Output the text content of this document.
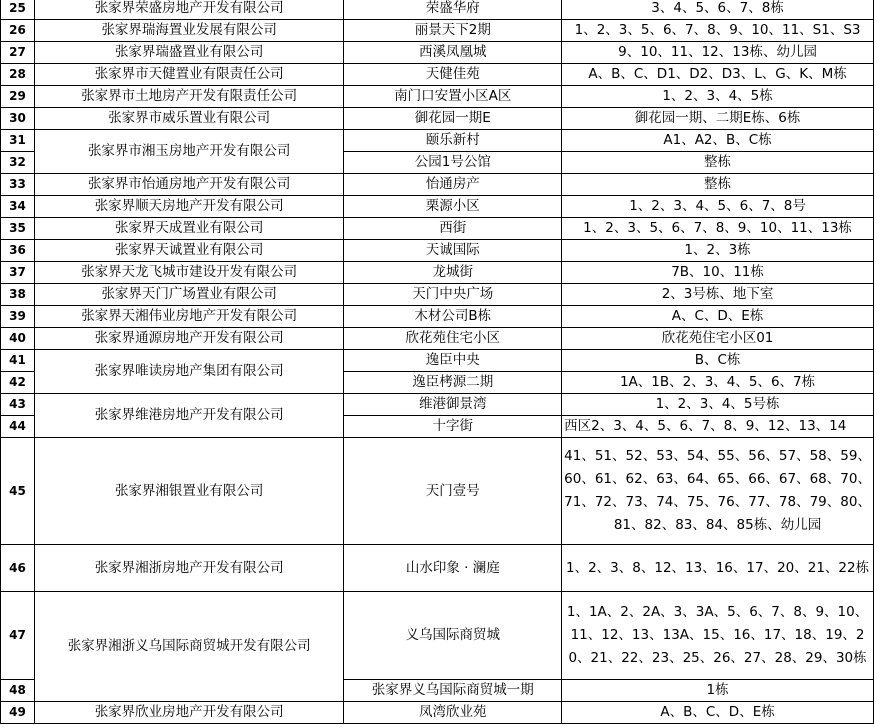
25	张家界荣盛房地产开发有限公司	荣盛华府	3、4、5、6、7、8栋
26	张家界瑞海置业发展有限公司	丽景天下2期	1、2、3、5、6、7、8、9、10、11、S1、S3
27	张家界瑞盛置业有限公司	西溪凤凰城	9、10、11、12、13栋、幼儿园
28	张家界市天健置业有限责任公司	天健佳苑	A、B、C、D1、D2、D3、L、G、K、M栋
29	张家界市土地房产开发有限责任公司	南门口安置小区A区	1、2、3、4、5栋
30	张家界市威乐置业有限公司	御花园一期E	御花园一期、二期E栋、6栋
31	张家界市湘玉房地产开发有限公司	颐乐新村	A1、A2、B、C栋
32		公园1号公馆	整栋
33	张家界市怡通房地产开发有限公司	怡通房产	整栋
34	张家界顺天房地产开发有限公司	栗源小区	1、2、3、4、5、6、7、8号
35	张家界天成置业有限公司	西街	1、2、3、5、6、7、8、9、10、11、13栋
36	张家界天诚置业有限公司	天诚国际	1、2、3栋
37	张家界天龙飞城市建设开发有限公司	龙城街	7B、10、11栋
38	张家界天门广场置业有限公司	天门中央广场	2、3号栋、地下室
39	张家界天湘伟业房地产开发有限公司	木材公司B栋	A、C、D、E栋
40	张家界通源房地产开发有限公司	欣花苑住宅小区	欣花苑住宅小区01
41	张家界唯读房地产集团有限公司	逸臣中央	B、C栋
42		逸臣栲源二期	1A、1B、2、3、4、5、6、7栋
43	张家界维港房地产开发有限公司	维港御景湾	1、2、3、4、5号栋
44		十字街	西区2、3、4、5、6、7、8、9、12、13、14
45	张家界湘银置业有限公司	天门壹号	41、51、52、53、54、55、56、57、58、59、60、61、62、63、64、65、66、67、68、70、71、72、73、74、75、76、77、78、79、80、81、82、83、84、85栋、幼儿园
46	张家界湘浙房地产开发有限公司	山水印象 · 澜庭	1、2、3、8、12、13、16、17、20、21、22栋
47	张家界湘浙义乌国际商贸城开发有限公司	义乌国际商贸城	1、1A、2、2A、3、3A、5、6、7、8、9、10、11、12、13、13A、15、16、17、18、19、20、21、22、23、25、26、27、28、29、30栋
48		张家界义乌国际商贸城一期	1栋
49	张家界欣业房地产开发有限公司	凤湾欣业苑	A、B、C、D、E栋
